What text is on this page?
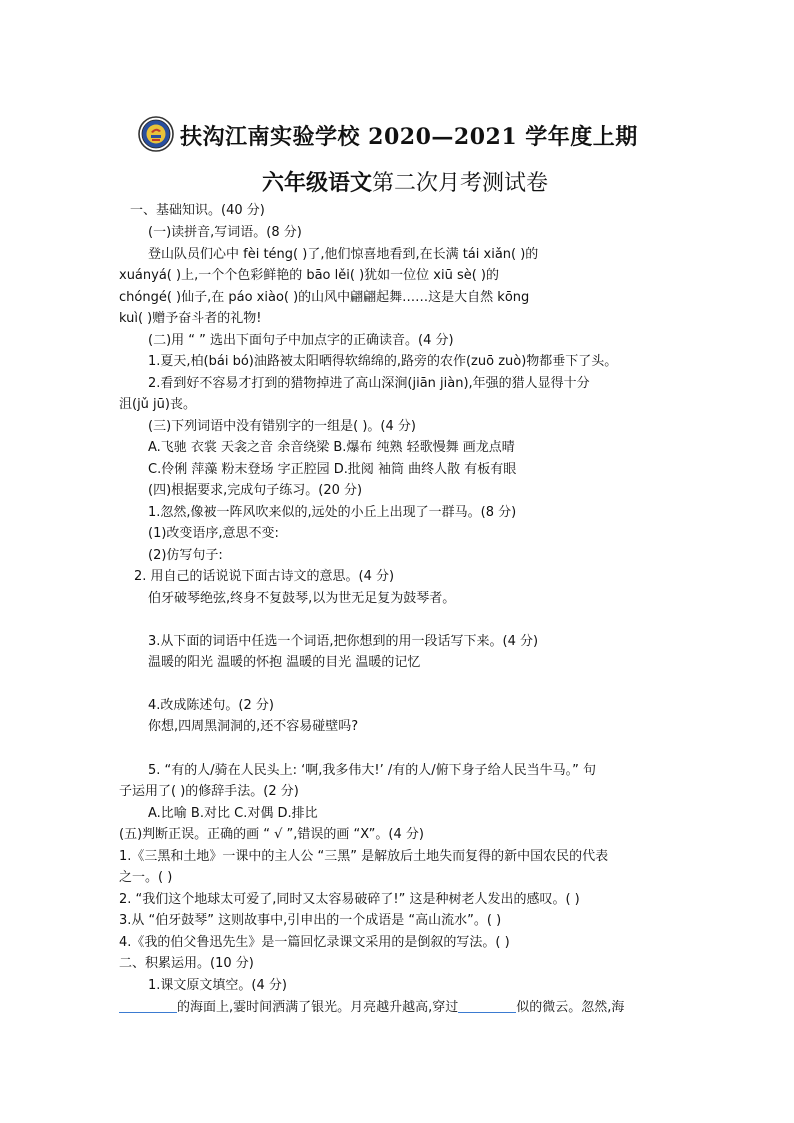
扶沟江南实验学校 2020—2021 学年度上期
六年级语文第二次月考测试卷
一、基础知识。(40 分)
(一)读拼音,写词语。(8 分)
登山队员们心中 fèi téng( )了,他们惊喜地看到,在长满 tái xiǎn( )的
xuányá( )上,一个个色彩鲜艳的 bāo lěi( )犹如一位位 xiū sè( )的
chóngé( )仙子,在 páo xiào( )的山风中翩翩起舞……这是大自然 kōng
kuì( )赠予奋斗者的礼物!
(二)用 “ ” 选出下面句子中加点字的正确读音。(4 分)
1.夏天,柏(bái bó)油路被太阳晒得软绵绵的,路旁的农作(zuō zuò)物都垂下了头。
2.看到好不容易才打到的猎物掉进了高山深涧(jiān jiàn),年强的猎人显得十分
沮(jǔ jū)丧。
(三)下列词语中没有错别字的一组是( )。(4 分)
A.飞驰 衣裳 天衾之音 余音绕梁 B.爆布 纯熟 轻歌慢舞 画龙点晴
C.伶俐 萍藻 粉末登场 字正腔园 D.批阅 袖筒 曲终人散 有板有眼
(四)根据要求,完成句子练习。(20 分)
1.忽然,像被一阵风吹来似的,远处的小丘上出现了一群马。(8 分)
(1)改变语序,意思不变:
(2)仿写句子:
2. 用自己的话说说下面古诗文的意思。(4 分)
伯牙破琴绝弦,终身不复鼓琴,以为世无足复为鼓琴者。
3.从下面的词语中任选一个词语,把你想到的用一段话写下来。(4 分)
温暖的阳光 温暖的怀抱 温暖的目光 温暖的记忆
4.改成陈述句。(2 分)
你想,四周黑洞洞的,还不容易碰壁吗?
5. “有的人/骑在人民头上: ‘啊,我多伟大!’ /有的人/俯下身子给人民当牛马。” 句
子运用了( )的修辞手法。(2 分)
A.比喻 B.对比 C.对偶 D.排比
(五)判断正误。正确的画 “ √ ”,错误的画 “X”。(4 分)
1.《三黑和土地》一课中的主人公 “三黑” 是解放后土地失而复得的新中国农民的代表
之一。( )
2. “我们这个地球太可爱了,同时又太容易破碎了!” 这是种树老人发出的感叹。( )
3.从 “伯牙鼓琴” 这则故事中,引申出的一个成语是 “高山流水”。( )
4.《我的伯父鲁迅先生》是一篇回忆录课文采用的是倒叙的写法。( )
二、积累运用。(10 分)
1.课文原文填空。(4 分)
的海面上,霎时间洒满了银光。月亮越升越高,穿过	似的微云。忽然,海
